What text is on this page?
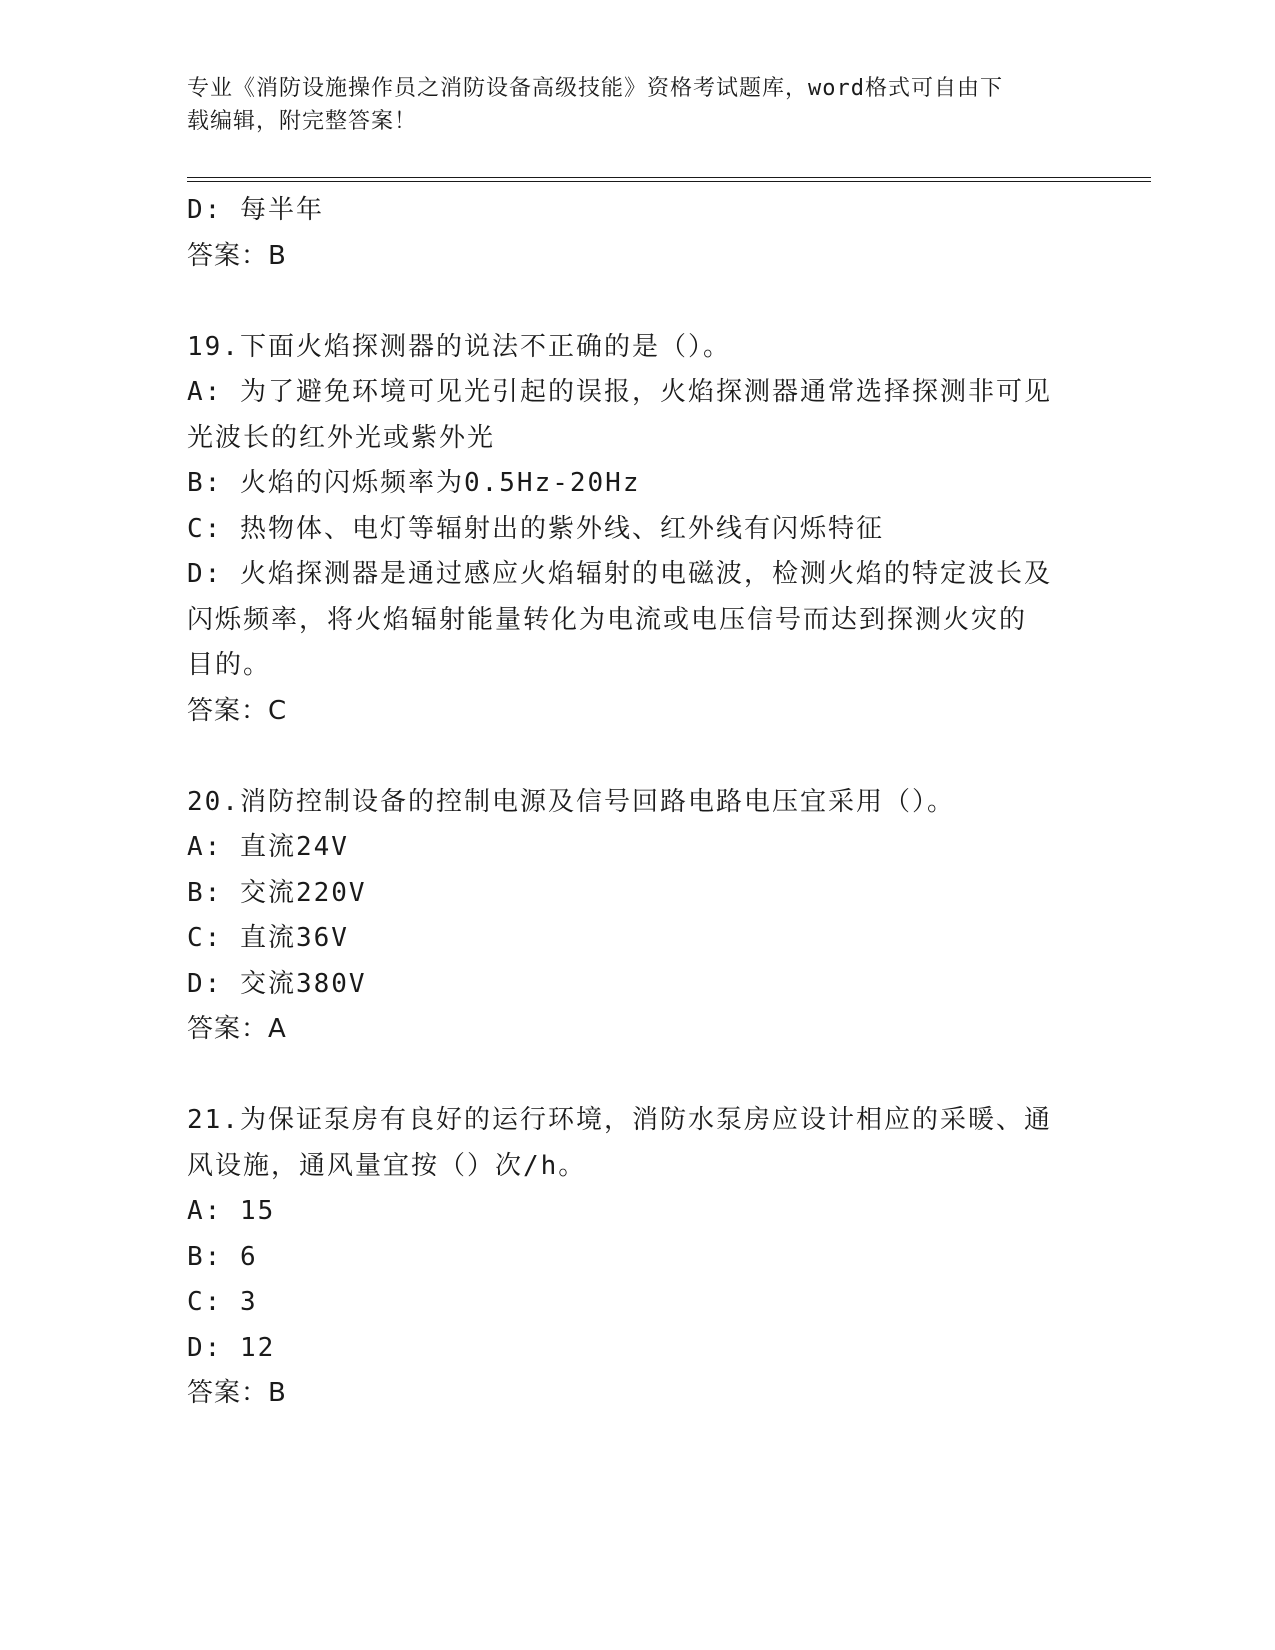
专业《消防设施操作员之消防设备高级技能》资格考试题库，word格式可自由下
载编辑，附完整答案！
D: 每半年
答案：B
19.下面火焰探测器的说法不正确的是（）。
A: 为了避免环境可见光引起的误报，火焰探测器通常选择探测非可见
光波长的红外光或紫外光
B: 火焰的闪烁频率为0.5Hz-20Hz
C: 热物体、电灯等辐射出的紫外线、红外线有闪烁特征
D: 火焰探测器是通过感应火焰辐射的电磁波，检测火焰的特定波长及
闪烁频率，将火焰辐射能量转化为电流或电压信号而达到探测火灾的
目的。
答案：C
20.消防控制设备的控制电源及信号回路电路电压宜采用（）。
A: 直流24V
B: 交流220V
C: 直流36V
D: 交流380V
答案：A
21.为保证泵房有良好的运行环境，消防水泵房应设计相应的采暖、通
风设施，通风量宜按（）次/h。
A: 15
B: 6
C: 3
D: 12
答案：B
